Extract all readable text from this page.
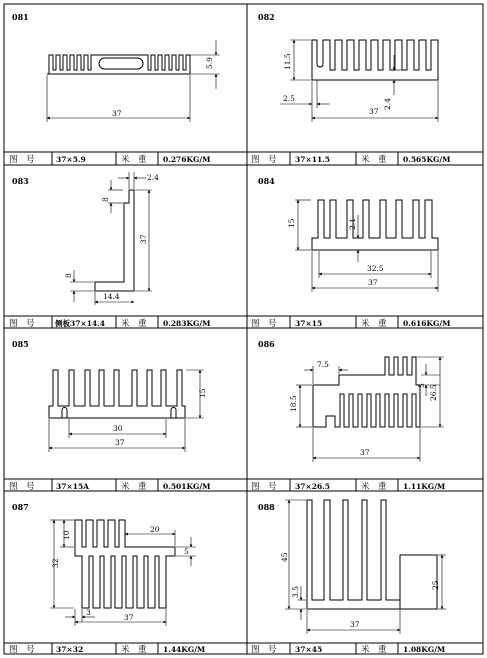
图　号	37×5.9	米　重 0.276KG/M	图　号 37×11.5	米　重 0.565KG/M
图　号	侧板37×14.4 米　重 0.283KG/M	图　号 37×15	米　重 0.616KG/M
图　号	37×15A	米　重 0.501KG/M	图　号 37×26.5	米　重 1.11KG/M
图　号	37×32	米　重 1.44KG/M	图　号 37×45	米　重 1.08KG/M
081
37
5.9
082
11.5
37
2.5	2.4
083	2.4
37
8
8
14.4
084
15	2.1
32.5
37
085
15
30
37
086
7.5
18.5
5 26.5
37
087
10
32
20
5
37
3
088
45
3.5
25
37
